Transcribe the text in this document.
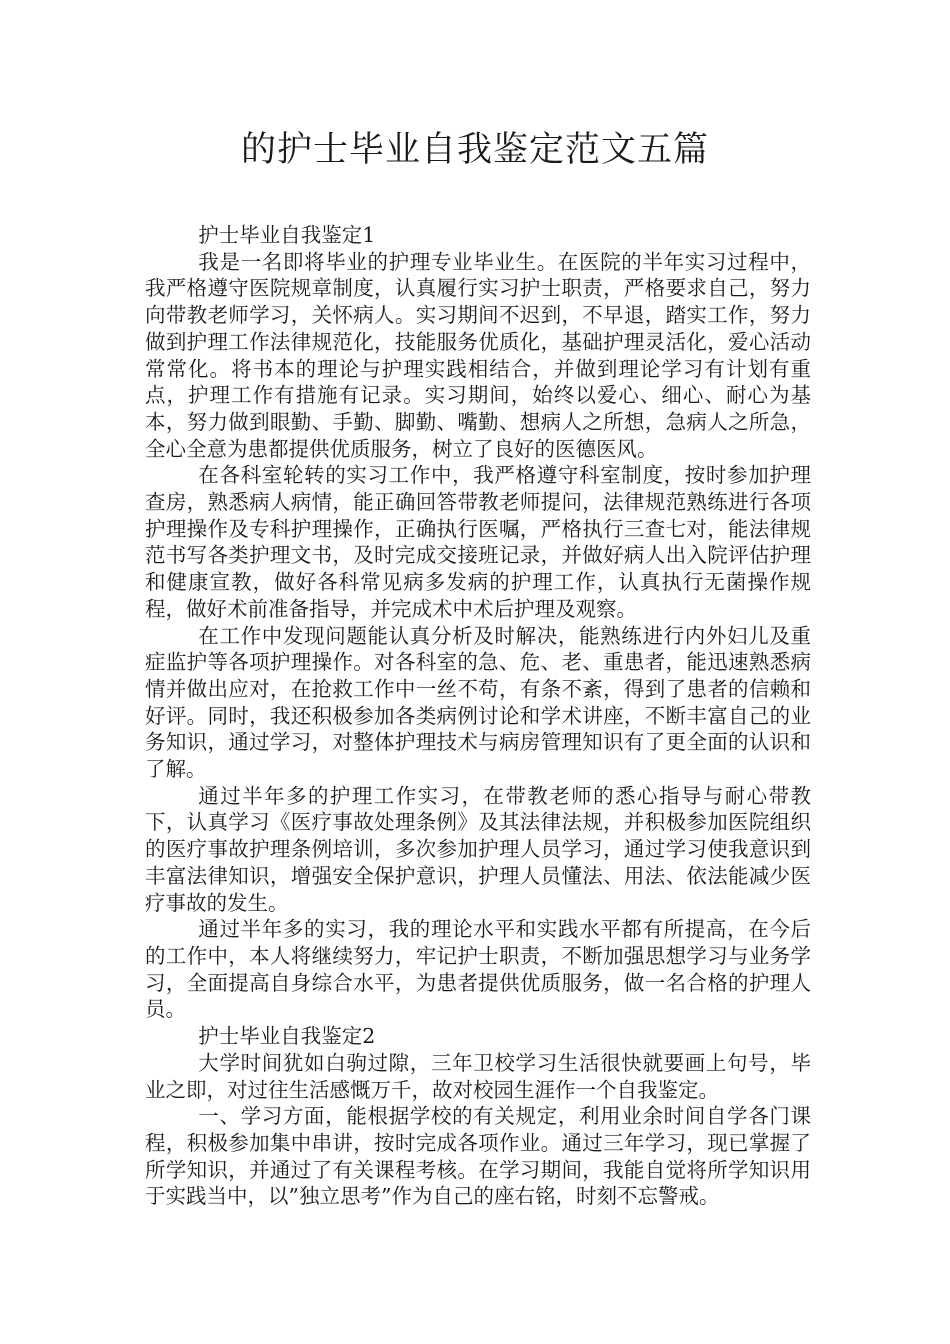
的护士毕业自我鉴定范文五篇

护士毕业自我鉴定1

我是一名即将毕业的护理专业毕业生。在医院的半年实习过程中，我严格遵守医院规章制度，认真履行实习护士职责，严格要求自己，努力向带教老师学习，关怀病人。实习期间不迟到，不早退，踏实工作，努力做到护理工作法律规范化，技能服务优质化，基础护理灵活化，爱心活动常常化。将书本的理论与护理实践相结合，并做到理论学习有计划有重点，护理工作有措施有记录。实习期间，始终以爱心、细心、耐心为基本，努力做到眼勤、手勤、脚勤、嘴勤、想病人之所想，急病人之所急，全心全意为患都提供优质服务，树立了良好的医德医风。

在各科室轮转的实习工作中，我严格遵守科室制度，按时参加护理查房，熟悉病人病情，能正确回答带教老师提问，法律规范熟练进行各项护理操作及专科护理操作，正确执行医嘱，严格执行三查七对，能法律规范书写各类护理文书，及时完成交接班记录，并做好病人出入院评估护理和健康宣教，做好各科常见病多发病的护理工作，认真执行无菌操作规程，做好术前准备指导，并完成术中术后护理及观察。

在工作中发现问题能认真分析及时解决，能熟练进行内外妇儿及重症监护等各项护理操作。对各科室的急、危、老、重患者，能迅速熟悉病情并做出应对，在抢救工作中一丝不苟，有条不紊，得到了患者的信赖和好评。同时，我还积极参加各类病例讨论和学术讲座，不断丰富自己的业务知识，通过学习，对整体护理技术与病房管理知识有了更全面的认识和了解。

通过半年多的护理工作实习，在带教老师的悉心指导与耐心带教下，认真学习《医疗事故处理条例》及其法律法规，并积极参加医院组织的医疗事故护理条例培训，多次参加护理人员学习，通过学习使我意识到丰富法律知识，增强安全保护意识，护理人员懂法、用法、依法能减少医疗事故的发生。

通过半年多的实习，我的理论水平和实践水平都有所提高，在今后的工作中，本人将继续努力，牢记护士职责，不断加强思想学习与业务学习，全面提高自身综合水平，为患者提供优质服务，做一名合格的护理人员。

护士毕业自我鉴定2

大学时间犹如白驹过隙，三年卫校学习生活很快就要画上句号，毕业之即，对过往生活感慨万千，故对校园生涯作一个自我鉴定。

一、学习方面，能根据学校的有关规定，利用业余时间自学各门课程，积极参加集中串讲，按时完成各项作业。通过三年学习，现已掌握了所学知识，并通过了有关课程考核。在学习期间，我能自觉将所学知识用于实践当中，以”独立思考”作为自己的座右铭，时刻不忘警戒。
